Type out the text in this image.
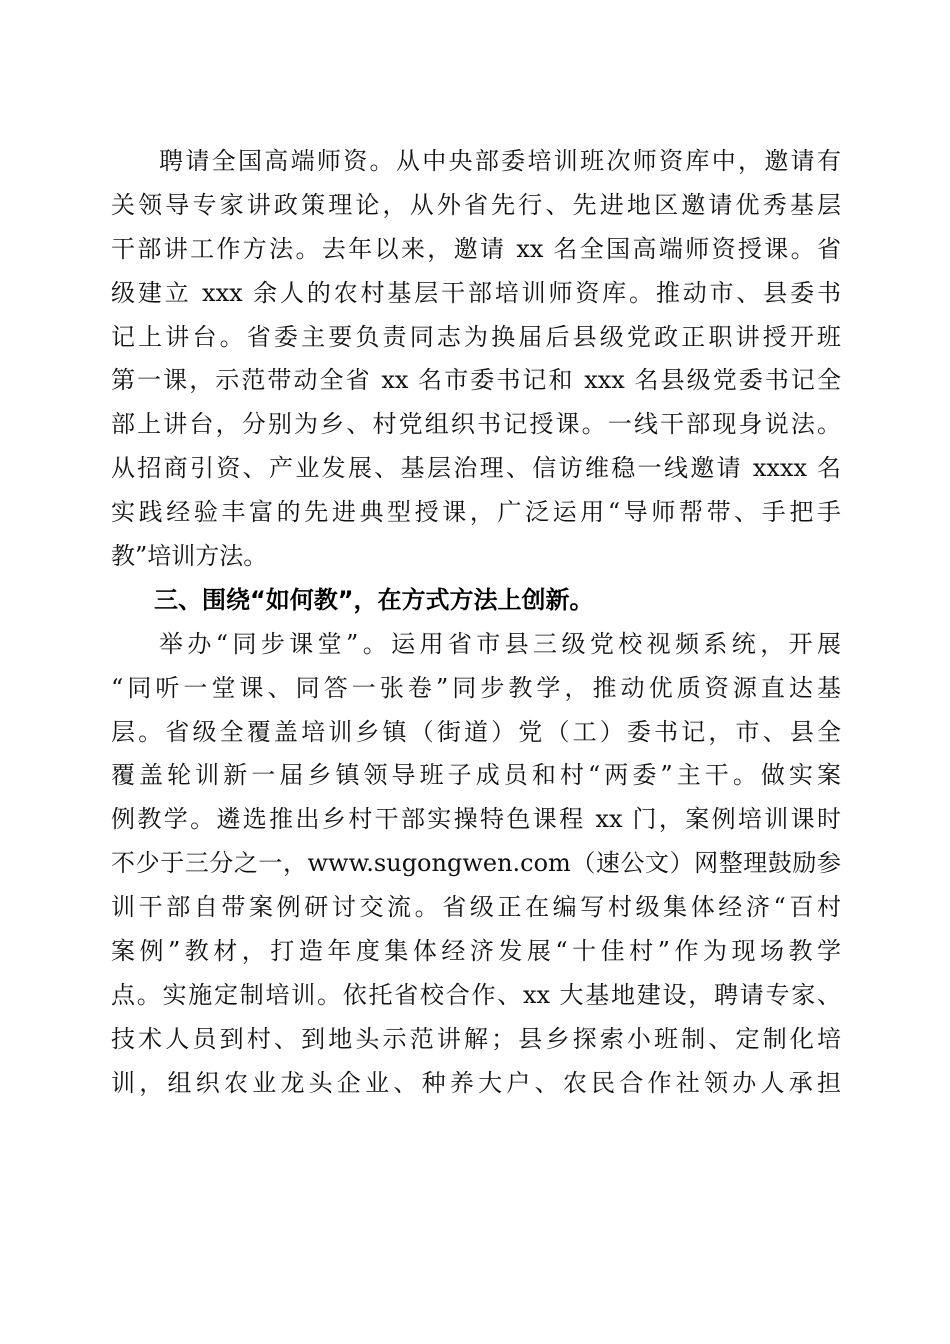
聘请全国高端师资。从中央部委培训班次师资库中，邀请有
关领导专家讲政策理论，从外省先行、先进地区邀请优秀基层
干部讲工作方法。去年以来，邀请 xx 名全国高端师资授课。省
级建立 xxx 余人的农村基层干部培训师资库。推动市、县委书
记上讲台。省委主要负责同志为换届后县级党政正职讲授开班
第一课，示范带动全省 xx 名市委书记和 xxx 名县级党委书记全
部上讲台，分别为乡、村党组织书记授课。一线干部现身说法。
从招商引资、产业发展、基层治理、信访维稳一线邀请 xxxx 名
实践经验丰富的先进典型授课，广泛运用“导师帮带、手把手
教”培训方法。
三、围绕“如何教”，在方式方法上创新。
举办“同步课堂”。运用省市县三级党校视频系统，开展
“同听一堂课、同答一张卷”同步教学，推动优质资源直达基
层。省级全覆盖培训乡镇（街道）党（工）委书记，市、县全
覆盖轮训新一届乡镇领导班子成员和村“两委”主干。做实案
例教学。遴选推出乡村干部实操特色课程 xx 门，案例培训课时
不少于三分之一，www.sugongwen.com（速公文）网整理鼓励参
训干部自带案例研讨交流。省级正在编写村级集体经济“百村
案例”教材，打造年度集体经济发展“十佳村”作为现场教学
点。实施定制培训。依托省校合作、xx 大基地建设，聘请专家、
技术人员到村、到地头示范讲解；县乡探索小班制、定制化培
训，组织农业龙头企业、种养大户、农民合作社领办人承担
